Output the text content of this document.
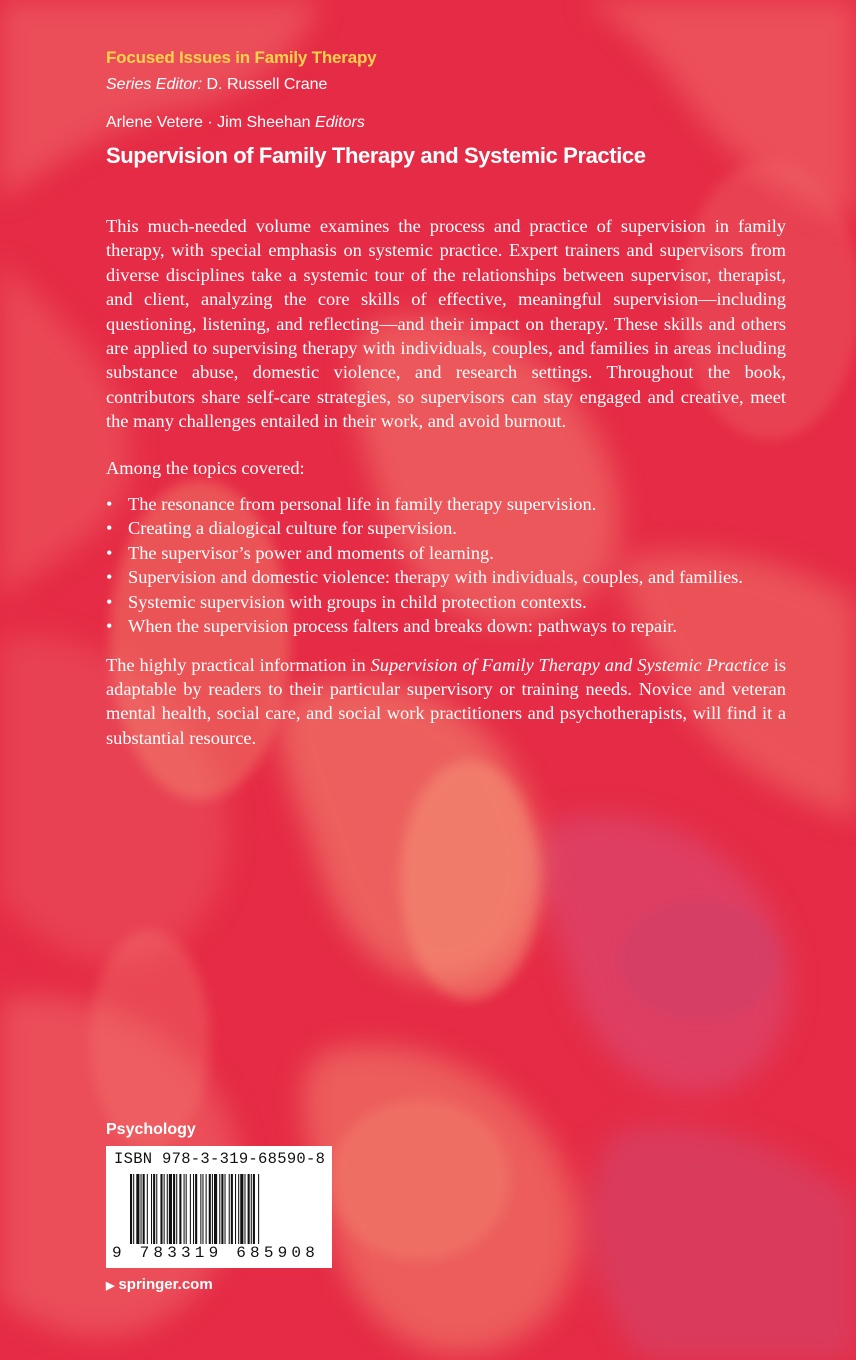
Focused Issues in Family Therapy
Series Editor: D. Russell Crane
Arlene Vetere · Jim Sheehan Editors
Supervision of Family Therapy and Systemic Practice

This much-needed volume examines the process and practice of supervision in family therapy, with special emphasis on systemic practice. Expert trainers and supervisors from diverse disciplines take a systemic tour of the relationships between supervisor, therapist, and client, analyzing the core skills of effective, meaningful supervision—including questioning, listening, and reflecting—and their impact on therapy. These skills and others are applied to supervising therapy with individuals, couples, and families in areas including substance abuse, domestic violence, and research settings. Throughout the book, contributors share self-care strategies, so supervisors can stay engaged and creative, meet the many challenges entailed in their work, and avoid burnout.

Among the topics covered:

• The resonance from personal life in family therapy supervision.
• Creating a dialogical culture for supervision.
• The supervisor’s power and moments of learning.
• Supervision and domestic violence: therapy with individuals, couples, and families.
• Systemic supervision with groups in child protection contexts.
• When the supervision process falters and breaks down: pathways to repair.

The highly practical information in Supervision of Family Therapy and Systemic Practice is adaptable by readers to their particular supervisory or training needs. Novice and veteran mental health, social care, and social work practitioners and psychotherapists, will find it a substantial resource.

Psychology
ISBN 978-3-319-68590-8
9 783319 685908
▶ springer.com
